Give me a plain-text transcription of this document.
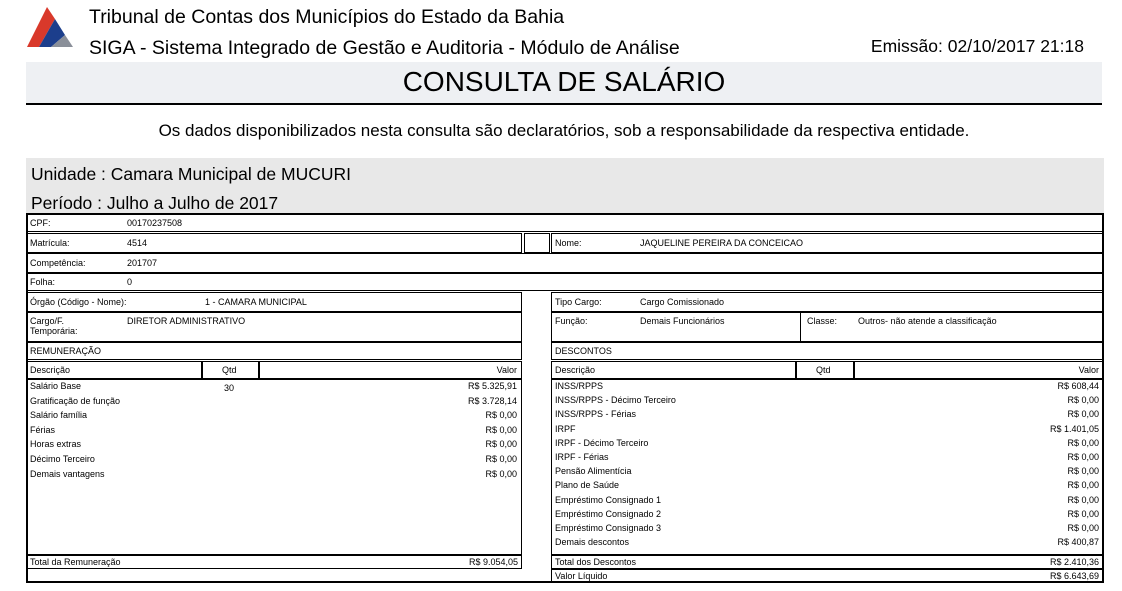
Tribunal de Contas dos Municípios do Estado da Bahia
SIGA - Sistema Integrado de Gestão e Auditoria - Módulo de Análise	Emissão: 02/10/2017 21:18
CONSULTA DE SALÁRIO
Os dados disponibilizados nesta consulta são declaratórios, sob a responsabilidade da respectiva entidade.
Unidade : Camara Municipal de MUCURI
Período : Julho a Julho de 2017
CPF:	00170237508
Matrícula:	4514	Nome:	JAQUELINE PEREIRA DA CONCEICAO
Competência:	201707
Folha:	0
Órgão (Código - Nome):	1 - CAMARA MUNICIPAL	Tipo Cargo:	Cargo Comissionado
Cargo/F.
Temporária:
DIRETOR ADMINISTRATIVO	Função:	Demais Funcionários	Classe: Outros- não atende a classificação
REMUNERAÇÃO	DESCONTOS
Descrição	Qtd	Valor	Descrição	Qtd	Valor
Salário Base	30	R$ 5.325,91
Gratificação de função	R$ 3.728,14
Salário família	R$ 0,00
Férias	R$ 0,00
Horas extras	R$ 0,00
Décimo Terceiro	R$ 0,00
Demais vantagens	R$ 0,00
INSS/RPPS	R$ 608,44
INSS/RPPS - Décimo Terceiro	R$ 0,00
INSS/RPPS - Férias	R$ 0,00
IRPF	R$ 1.401,05
IRPF - Décimo Terceiro	R$ 0,00
IRPF - Férias	R$ 0,00
Pensão Alimentícia	R$ 0,00
Plano de Saúde	R$ 0,00
Empréstimo Consignado 1	R$ 0,00
Empréstimo Consignado 2	R$ 0,00
Empréstimo Consignado 3	R$ 0,00
Demais descontos	R$ 400,87
Total da Remuneração	R$ 9.054,05	Total dos Descontos	R$ 2.410,36
Valor Líquido	R$ 6.643,69
